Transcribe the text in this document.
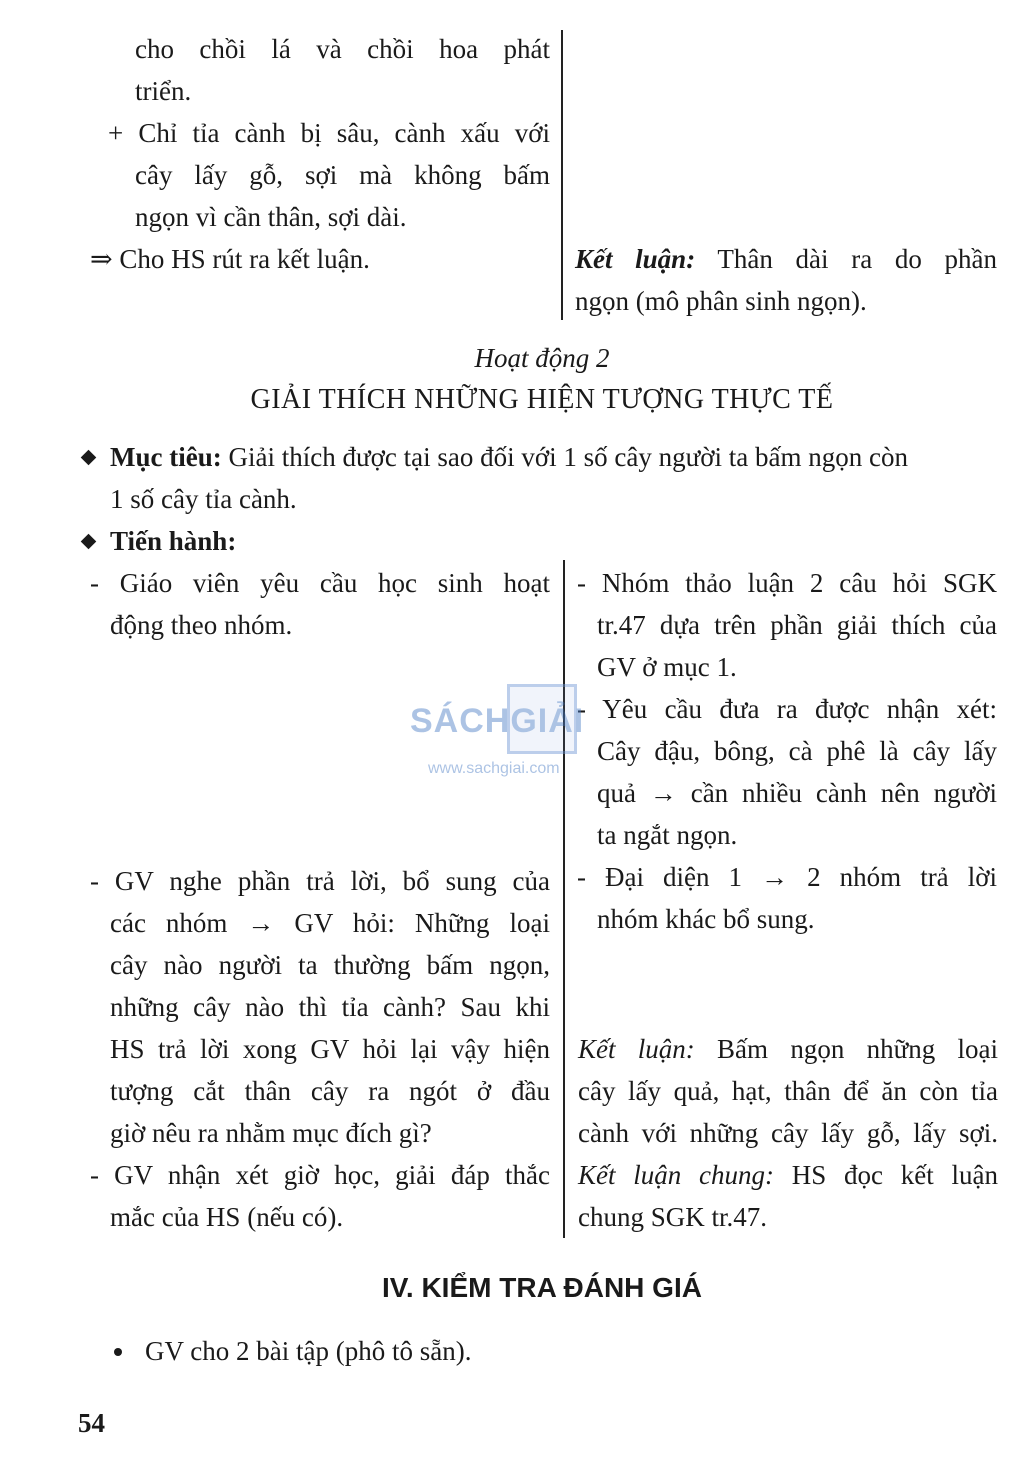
cho chồi lá và chồi hoa phát
triển.
+ Chỉ tỉa cành bị sâu, cành xấu với
cây lấy gỗ, sợi mà không bấm
ngọn vì cần thân, sợi dài.
⇒ Cho HS rút ra kết luận.	Kết luận: Thân dài ra do phần
ngọn (mô phân sinh ngọn).
Hoạt động 2
GIẢI THÍCH NHỮNG HIỆN TƯỢNG THỰC TẾ
Mục tiêu: Giải thích được tại sao đối với 1 số cây người ta bấm ngọn còn
1 số cây tỉa cành.
Tiến hành:
- Giáo viên yêu cầu học sinh hoạt
động theo nhóm.
- GV nghe phần trả lời, bổ sung của
các nhóm → GV hỏi: Những loại
cây nào người ta thường bấm ngọn,
những cây nào thì tỉa cành? Sau khi
HS trả lời xong GV hỏi lại vậy hiện
tượng cắt thân cây ra ngót ở đầu
giờ nêu ra nhằm mục đích gì?
- GV nhận xét giờ học, giải đáp thắc
mắc của HS (nếu có).
- Nhóm thảo luận 2 câu hỏi SGK
tr.47 dựa trên phần giải thích của
GV ở mục 1.
- Yêu cầu đưa ra được nhận xét:
Cây đậu, bông, cà phê là cây lấy
quả → cần nhiều cành nên người
ta ngắt ngọn.
- Đại diện 1 → 2 nhóm trả lời
nhóm khác bổ sung.
Kết luận: Bấm ngọn những loại
cây lấy quả, hạt, thân để ăn còn tỉa
cành với những cây lấy gỗ, lấy sợi.
Kết luận chung: HS đọc kết luận
chung SGK tr.47.
IV. KIỂM TRA ĐÁNH GIÁ
GV cho 2 bài tập (phô tô sẵn).
54
SÁCHGIẢI
www.sachgiai.com
